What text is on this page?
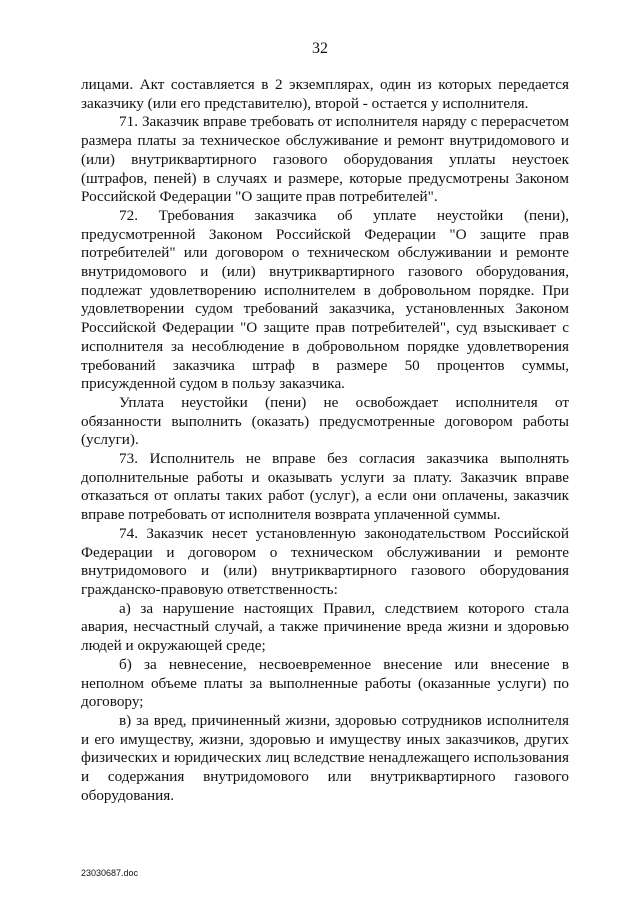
32

лицами. Акт составляется в 2 экземплярах, один из которых передается заказчику (или его представителю), второй - остается у исполнителя.

71. Заказчик вправе требовать от исполнителя наряду с перерасчетом размера платы за техническое обслуживание и ремонт внутридомового и (или) внутриквартирного газового оборудования уплаты неустоек (штрафов, пеней) в случаях и размере, которые предусмотрены Законом Российской Федерации "О защите прав потребителей".

72. Требования заказчика об уплате неустойки (пени), предусмотренной Законом Российской Федерации "О защите прав потребителей" или договором о техническом обслуживании и ремонте внутридомового и (или) внутриквартирного газового оборудования, подлежат удовлетворению исполнителем в добровольном порядке. При удовлетворении судом требований заказчика, установленных Законом Российской Федерации "О защите прав потребителей", суд взыскивает с исполнителя за несоблюдение в добровольном порядке удовлетворения требований заказчика штраф в размере 50 процентов суммы, присужденной судом в пользу заказчика.

Уплата неустойки (пени) не освобождает исполнителя от обязанности выполнить (оказать) предусмотренные договором работы (услуги).

73. Исполнитель не вправе без согласия заказчика выполнять дополнительные работы и оказывать услуги за плату. Заказчик вправе отказаться от оплаты таких работ (услуг), а если они оплачены, заказчик вправе потребовать от исполнителя возврата уплаченной суммы.

74. Заказчик несет установленную законодательством Российской Федерации и договором о техническом обслуживании и ремонте внутридомового и (или) внутриквартирного газового оборудования гражданско-правовую ответственность:

а) за нарушение настоящих Правил, следствием которого стала авария, несчастный случай, а также причинение вреда жизни и здоровью людей и окружающей среде;

б) за невнесение, несвоевременное внесение или внесение в неполном объеме платы за выполненные работы (оказанные услуги) по договору;

в) за вред, причиненный жизни, здоровью сотрудников исполнителя и его имуществу, жизни, здоровью и имуществу иных заказчиков, других физических и юридических лиц вследствие ненадлежащего использования и содержания внутридомового или внутриквартирного газового оборудования.

23030687.doc
